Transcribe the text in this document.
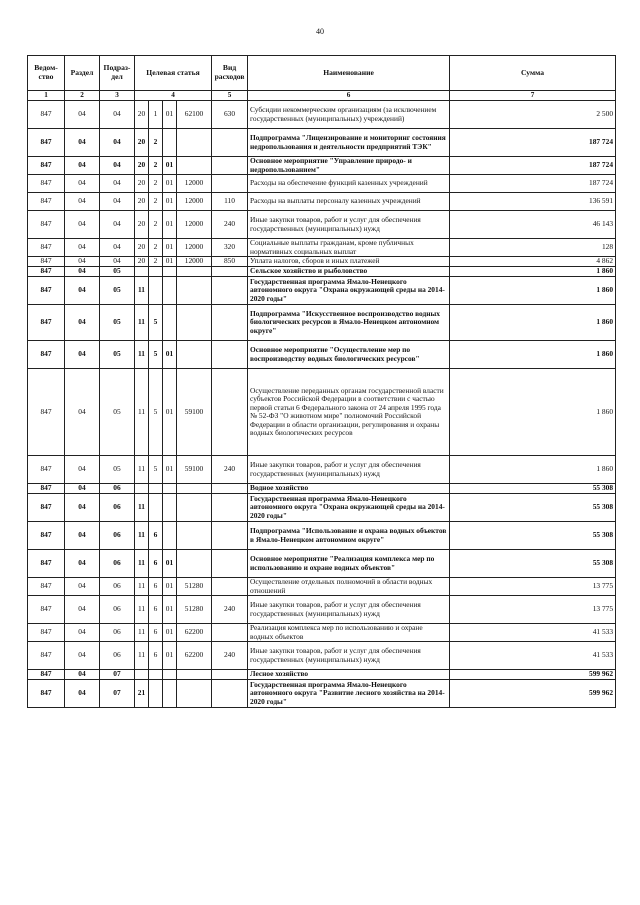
40
Ведом-ство	Раздел	Подраз-дел	Целевая статья				Вид расходов	Наименование	Сумма
1	2	3	4				5	6	7
847	04	04	20	1	01	62100	630	Субсидии некоммерческим организациям (за исключением государственных (муниципальных) учреждений)	2 500
847	04	04	20	2				Подпрограмма "Лицензирование и мониторинг состояния недропользования и деятельности предприятий ТЭК"	187 724
847	04	04	20	2	01			Основное мероприятие "Управление природо- и недропользованием"	187 724
847	04	04	20	2	01	12000		Расходы на обеспечение функций казенных учреждений	187 724
847	04	04	20	2	01	12000	110	Расходы на выплаты персоналу казенных учреждений	136 591
847	04	04	20	2	01	12000	240	Иные закупки товаров, работ и услуг для обеспечения государственных (муниципальных) нужд	46 143
847	04	04	20	2	01	12000	320	Социальные выплаты гражданам, кроме публичных нормативных социальных выплат	128
847	04	04	20	2	01	12000	850	Уплата налогов, сборов и иных платежей	4 862
847	04	05						Сельское хозяйство и рыболовство	1 860
847	04	05	11					Государственная программа Ямало-Ненецкого автономного округа "Охрана окружающей среды на 2014-2020 годы"	1 860
847	04	05	11	5				Подпрограмма "Искусственное воспроизводство водных биологических ресурсов в Ямало-Ненецком автономном округе"	1 860
847	04	05	11	5	01			Основное мероприятие "Осуществление мер по воспроизводству водных биологических ресурсов"	1 860
847	04	05	11	5	01	59100		Осуществление переданных органам государственной власти субъектов Российской Федерации в соответствии с частью первой статьи 6 Федерального закона от 24 апреля 1995 года № 52-ФЗ "О животном мире" полномочий Российской Федерации в области организации, регулирования и охраны водных биологических ресурсов	1 860
847	04	05	11	5	01	59100	240	Иные закупки товаров, работ и услуг для обеспечения государственных (муниципальных) нужд	1 860
847	04	06						Водное хозяйство	55 308
847	04	06	11					Государственная программа Ямало-Ненецкого автономного округа "Охрана окружающей среды на 2014-2020 годы"	55 308
847	04	06	11	6				Подпрограмма "Использование и охрана водных объектов в Ямало-Ненецком автономном округе"	55 308
847	04	06	11	6	01			Основное мероприятие "Реализация комплекса мер по использованию и охране водных объектов"	55 308
847	04	06	11	6	01	51280		Осуществление отдельных полномочий в области водных отношений	13 775
847	04	06	11	6	01	51280	240	Иные закупки товаров, работ и услуг для обеспечения государственных (муниципальных) нужд	13 775
847	04	06	11	6	01	62200		Реализация комплекса мер по использованию и охране водных объектов	41 533
847	04	06	11	6	01	62200	240	Иные закупки товаров, работ и услуг для обеспечения государственных (муниципальных) нужд	41 533
847	04	07						Лесное хозяйство	599 962
847	04	07	21					Государственная программа Ямало-Ненецкого автономного округа "Развитие лесного хозяйства на 2014-2020 годы"	599 962
